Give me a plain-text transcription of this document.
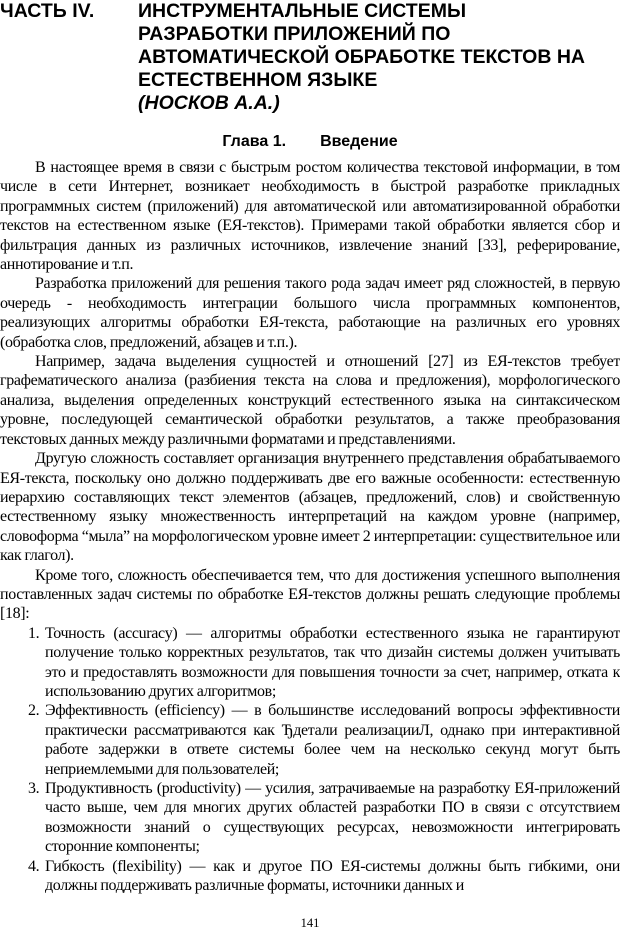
ЧАСТЬ IV. ИНСТРУМЕНТАЛЬНЫЕ СИСТЕМЫ
РАЗРАБОТКИ ПРИЛОЖЕНИЙ ПО
АВТОМАТИЧЕСКОЙ ОБРАБОТКЕ ТЕКСТОВ НА
ЕСТЕСТВЕННОМ ЯЗЫКЕ
(НОСКОВ А.А.)
Глава 1. Введение

В настоящее время в связи с быстрым ростом количества текстовой информации, в том числе в сети Интернет, возникает необходимость в быстрой разработке прикладных программных систем (приложений) для автоматической или автоматизированной обработки текстов на естественном языке (ЕЯ-текстов). Примерами такой обработки является сбор и фильтрация данных из различных источников, извлечение знаний [33], реферирование, аннотирование и т.п.

Разработка приложений для решения такого рода задач имеет ряд сложностей, в первую очередь - необходимость интеграции большого числа программных компонентов, реализующих алгоритмы обработки ЕЯ-текста, работающие на различных его уровнях (обработка слов, предложений, абзацев и т.п.).

Например, задача выделения сущностей и отношений [27] из ЕЯ-текстов требует графематического анализа (разбиения текста на слова и предложения), морфологического анализа, выделения определенных конструкций естественного языка на синтаксическом уровне, последующей семантической обработки результатов, а также преобразования текстовых данных между различными форматами и представлениями.

Другую сложность составляет организация внутреннего представления обрабатываемого ЕЯ-текста, поскольку оно должно поддерживать две его важные особенности: естественную иерархию составляющих текст элементов (абзацев, предложений, слов) и свойственную естественному языку множественность интерпретаций на каждом уровне (например, словоформа “мыла” на морфологическом уровне имеет 2 интерпретации: существительное или как глагол).

Кроме того, сложность обеспечивается тем, что для достижения успешного выполнения поставленных задач системы по обработке ЕЯ-текстов должны решать следующие проблемы [18]:

1. Точность (accuracy) — алгоритмы обработки естественного языка не гарантируют получение только корректных результатов, так что дизайн системы должен учитывать это и предоставлять возможности для повышения точности за счет, например, отката к использованию других алгоритмов;
2. Эффективность (efficiency) — в большинстве исследований вопросы эффективности практически рассматриваются как Ђдетали реализацииЛ, однако при интерактивной работе задержки в ответе системы более чем на несколько секунд могут быть неприемлемыми для пользователей;
3. Продуктивность (productivity) — усилия, затрачиваемые на разработку ЕЯ-приложений часто выше, чем для многих других областей разработки ПО в связи с отсутствием возможности знаний о существующих ресурсах, невозможности интегрировать сторонние компоненты;
4. Гибкость (flexibility) — как и другое ПО ЕЯ-системы должны быть гибкими, они должны поддерживать различные форматы, источники данных и
141
